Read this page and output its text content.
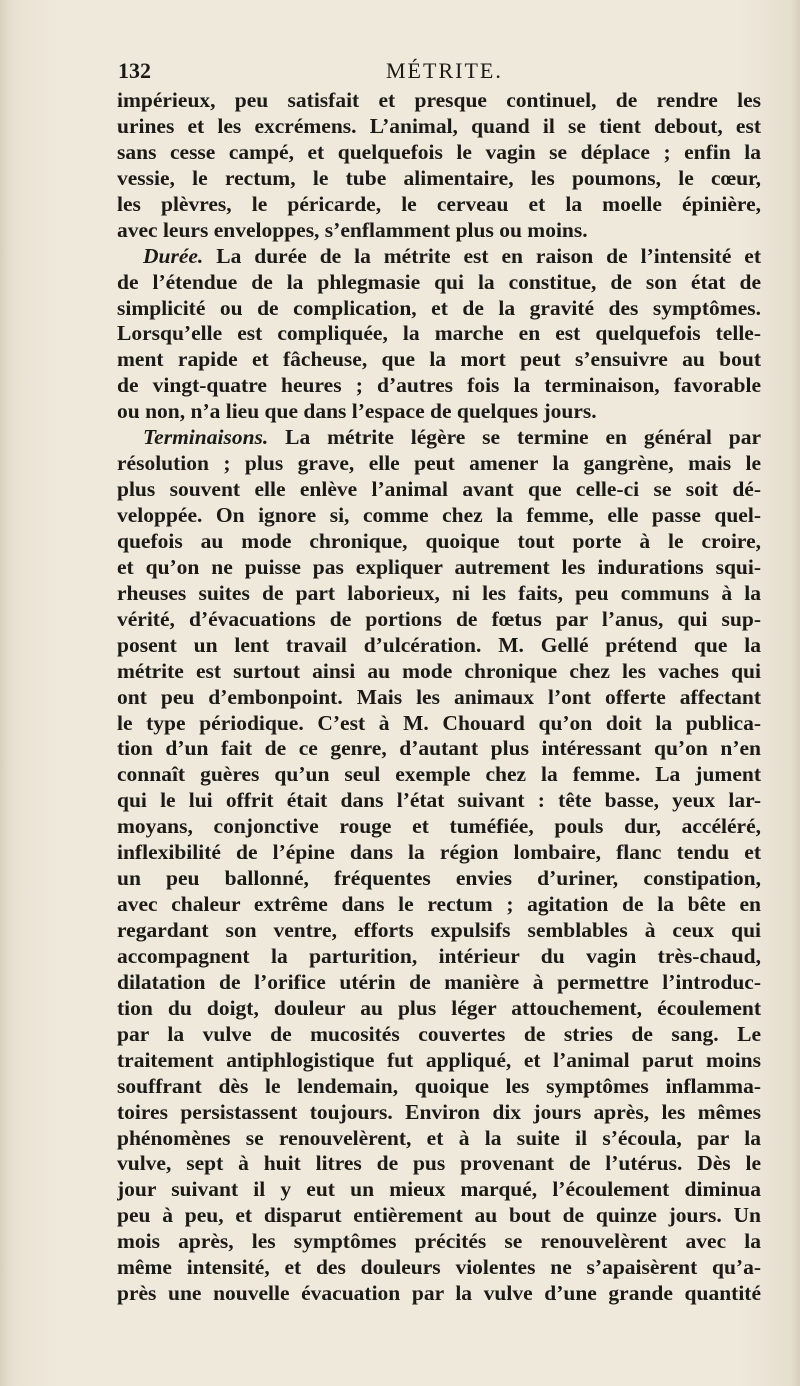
132	MÉTRITE.
impérieux, peu satisfait et presque continuel, de rendre les
urines et les excrémens. L’animal, quand il se tient debout, est
sans cesse campé, et quelquefois le vagin se déplace ; enfin la
vessie, le rectum, le tube alimentaire, les poumons, le cœur,
les plèvres, le péricarde, le cerveau et la moelle épinière,
avec leurs enveloppes, s’enflamment plus ou moins.
Durée. La durée de la métrite est en raison de l’intensité et
de l’étendue de la phlegmasie qui la constitue, de son état de
simplicité ou de complication, et de la gravité des symptômes.
Lorsqu’elle est compliquée, la marche en est quelquefois telle-
ment rapide et fâcheuse, que la mort peut s’ensuivre au bout
de vingt-quatre heures ; d’autres fois la terminaison, favorable
ou non, n’a lieu que dans l’espace de quelques jours.
Terminaisons. La métrite légère se termine en général par
résolution ; plus grave, elle peut amener la gangrène, mais le
plus souvent elle enlève l’animal avant que celle-ci se soit dé-
veloppée. On ignore si, comme chez la femme, elle passe quel-
quefois au mode chronique, quoique tout porte à le croire,
et qu’on ne puisse pas expliquer autrement les indurations squi-
rheuses suites de part laborieux, ni les faits, peu communs à la
vérité, d’évacuations de portions de fœtus par l’anus, qui sup-
posent un lent travail d’ulcération. M. Gellé prétend que la
métrite est surtout ainsi au mode chronique chez les vaches qui
ont peu d’embonpoint. Mais les animaux l’ont offerte affectant
le type périodique. C’est à M. Chouard qu’on doit la publica-
tion d’un fait de ce genre, d’autant plus intéressant qu’on n’en
connaît guères qu’un seul exemple chez la femme. La jument
qui le lui offrit était dans l’état suivant : tête basse, yeux lar-
moyans, conjonctive rouge et tuméfiée, pouls dur, accéléré,
inflexibilité de l’épine dans la région lombaire, flanc tendu et
un peu ballonné, fréquentes envies d’uriner, constipation,
avec chaleur extrême dans le rectum ; agitation de la bête en
regardant son ventre, efforts expulsifs semblables à ceux qui
accompagnent la parturition, intérieur du vagin très-chaud,
dilatation de l’orifice utérin de manière à permettre l’introduc-
tion du doigt, douleur au plus léger attouchement, écoulement
par la vulve de mucosités couvertes de stries de sang. Le
traitement antiphlogistique fut appliqué, et l’animal parut moins
souffrant dès le lendemain, quoique les symptômes inflamma-
toires persistassent toujours. Environ dix jours après, les mêmes
phénomènes se renouvelèrent, et à la suite il s’écoula, par la
vulve, sept à huit litres de pus provenant de l’utérus. Dès le
jour suivant il y eut un mieux marqué, l’écoulement diminua
peu à peu, et disparut entièrement au bout de quinze jours. Un
mois après, les symptômes précités se renouvelèrent avec la
même intensité, et des douleurs violentes ne s’apaisèrent qu’a-
près une nouvelle évacuation par la vulve d’une grande quantité
